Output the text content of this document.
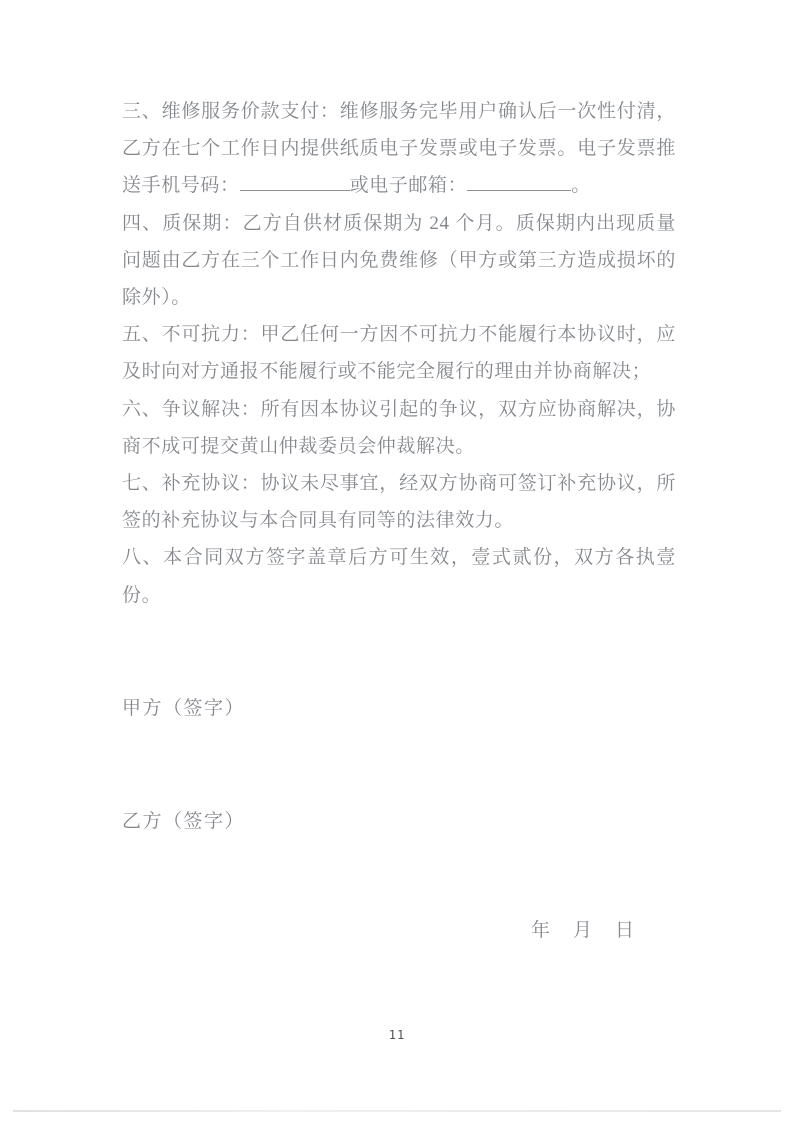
三、维修服务价款支付：维修服务完毕用户确认后一次性付清，乙方在七个工作日内提供纸质电子发票或电子发票。电子发票推送手机号码：	或电子邮箱：	。

四、质保期：乙方自供材质保期为 24 个月。质保期内出现质量问题由乙方在三个工作日内免费维修（甲方或第三方造成损坏的除外）。

五、不可抗力：甲乙任何一方因不可抗力不能履行本协议时，应及时向对方通报不能履行或不能完全履行的理由并协商解决；

六、争议解决：所有因本协议引起的争议，双方应协商解决，协商不成可提交黄山仲裁委员会仲裁解决。

七、补充协议：协议未尽事宜，经双方协商可签订补充协议，所签的补充协议与本合同具有同等的法律效力。

八、本合同双方签字盖章后方可生效，壹式贰份，双方各执壹份。

甲方（签字）
乙方（签字）
年　月　日
11
